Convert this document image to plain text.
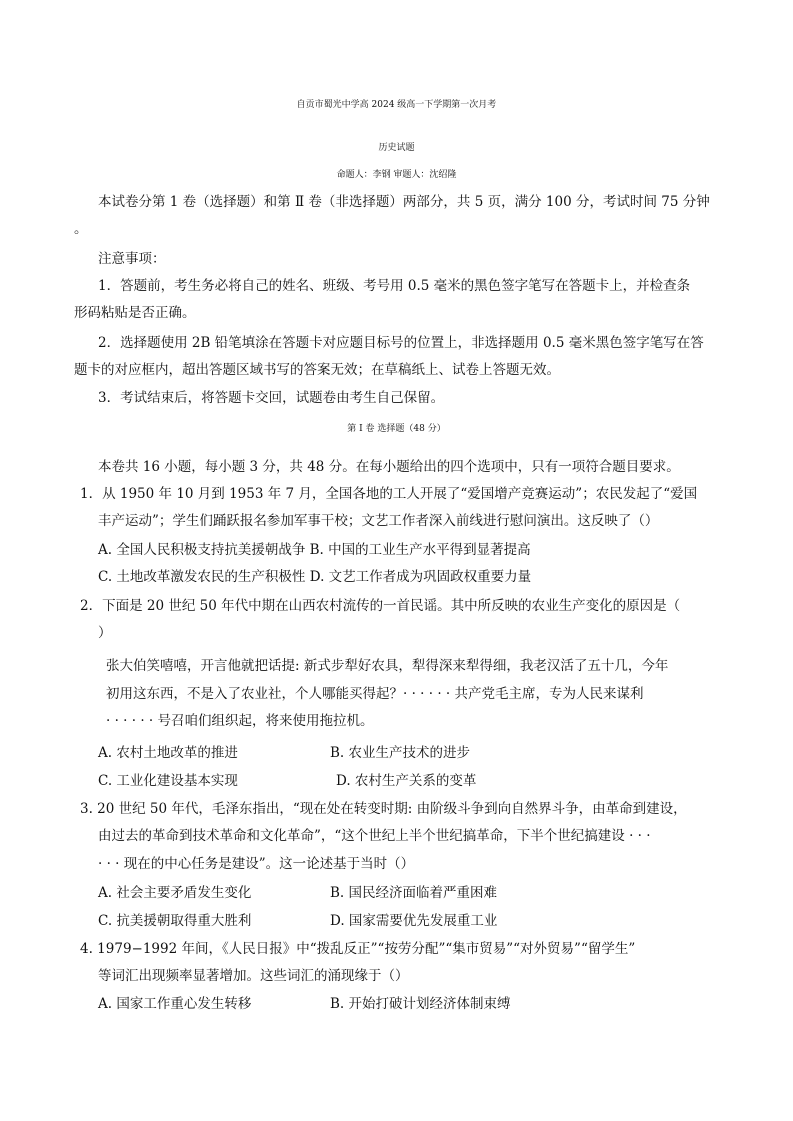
自贡市蜀光中学高 2024 级高一下学期第一次月考
历史试题
命题人：李钢 审题人：沈绍隆
本试卷分第 1 卷（选择题）和第 Ⅱ 卷（非选择题）两部分，共 5 页，满分 100 分，考试时间 75 分钟
。
注意事项：
1．答题前，考生务必将自己的姓名、班级、考号用 0.5 毫米的黑色签字笔写在答题卡上，并检查条
形码粘贴是否正确。
2．选择题使用 2B 铅笔填涂在答题卡对应题目标号的位置上，非选择题用 0.5 毫米黑色签字笔写在答
题卡的对应框内，超出答题区域书写的答案无效；在草稿纸上、试卷上答题无效。
3．考试结束后，将答题卡交回，试题卷由考生自己保留。
第 Ⅰ 卷 选择题（48 分）
本卷共 16 小题，每小题 3 分，共 48 分。在每小题给出的四个选项中，只有一项符合题目要求。
1．从 1950 年 10 月到 1953 年 7 月，全国各地的工人开展了“爱国增产竞赛运动”；农民发起了“爱国
丰产运动”；学生们踊跃报名参加军事干校；文艺工作者深入前线进行慰问演出。这反映了（）
A. 全国人民积极支持抗美援朝战争 B. 中国的工业生产水平得到显著提高
C. 土地改革激发农民的生产积极性 D. 文艺工作者成为巩固政权重要力量
2．下面是 20 世纪 50 年代中期在山西农村流传的一首民谣。其中所反映的农业生产变化的原因是（
）
张大伯笑嘻嘻，开言他就把话提: 新式步犁好农具，犁得深来犁得细，我老汉活了五十几，今年
初用这东西，不是入了农业社，个人哪能买得起？· · · · · · 共产党毛主席，专为人民来谋利
· · · · · · 号召咱们组织起，将来使用拖拉机。
A. 农村土地改革的推进	B. 农业生产技术的进步
C. 工业化建设基本实现	D. 农村生产关系的变革
3. 20 世纪 50 年代，毛泽东指出，“现在处在转变时期: 由阶级斗争到向自然界斗争，由革命到建设，
由过去的革命到技术革命和文化革命”，“这个世纪上半个世纪搞革命，下半个世纪搞建设 · · ·
· · · 现在的中心任务是建设”。这一论述基于当时（）
A. 社会主要矛盾发生变化	B. 国民经济面临着严重困难
C. 抗美援朝取得重大胜利	D. 国家需要优先发展重工业
4. 1979−1992 年间，《人民日报》中“拨乱反正”“按劳分配”“集市贸易”“对外贸易”“留学生”
等词汇出现频率显著增加。这些词汇的涌现缘于（）
A. 国家工作重心发生转移	B. 开始打破计划经济体制束缚
